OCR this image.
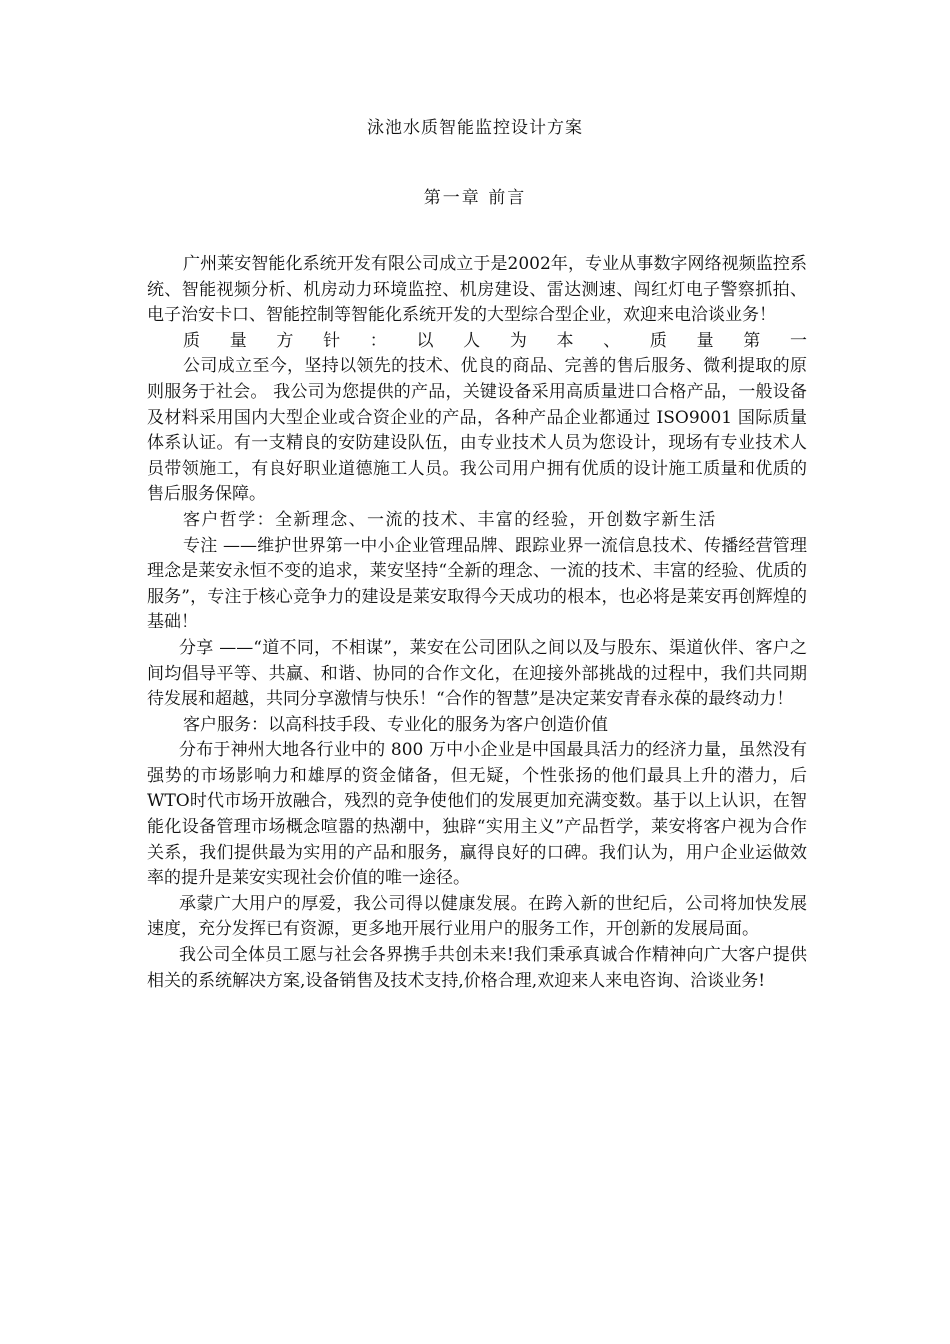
泳池水质智能监控设计方案
第一章 前言

广州莱安智能化系统开发有限公司成立于是2002年，专业从事数字网络视频监控系统、智能视频分析、机房动力环境监控、机房建设、雷达测速、闯红灯电子警察抓拍、电子治安卡口、智能控制等智能化系统开发的大型综合型企业，欢迎来电洽谈业务！

质 量 方 针 ： 以 人 为 本 、 质 量 第 一

公司成立至今，坚持以领先的技术、优良的商品、完善的售后服务、微利提取的原则服务于社会。 我公司为您提供的产品，关键设备采用高质量进口合格产品，一般设备及材料采用国内大型企业或合资企业的产品，各种产品企业都通过 ISO9001 国际质量体系认证。有一支精良的安防建设队伍，由专业技术人员为您设计，现场有专业技术人员带领施工，有良好职业道德施工人员。我公司用户拥有优质的设计施工质量和优质的售后服务保障。

客户哲学：全新理念、一流的技术、丰富的经验，开创数字新生活

专注 ——维护世界第一中小企业管理品牌、跟踪业界一流信息技术、传播经营管理理念是莱安永恒不变的追求，莱安坚持“全新的理念、一流的技术、丰富的经验、优质的服务”，专注于核心竞争力的建设是莱安取得今天成功的根本，也必将是莱安再创辉煌的基础！

分享 ——“道不同，不相谋”，莱安在公司团队之间以及与股东、渠道伙伴、客户之间均倡导平等、共赢、和谐、协同的合作文化，在迎接外部挑战的过程中，我们共同期待发展和超越，共同分享激情与快乐！“合作的智慧”是决定莱安青春永葆的最终动力！

客户服务：以高科技手段、专业化的服务为客户创造价值

分布于神州大地各行业中的 800 万中小企业是中国最具活力的经济力量，虽然没有强势的市场影响力和雄厚的资金储备，但无疑，个性张扬的他们最具上升的潜力，后WTO时代市场开放融合，残烈的竞争使他们的发展更加充满变数。基于以上认识，在智能化设备管理市场概念喧嚣的热潮中，独辟“实用主义”产品哲学，莱安将客户视为合作关系，我们提供最为实用的产品和服务，赢得良好的口碑。我们认为，用户企业运做效率的提升是莱安实现社会价值的唯一途径。

承蒙广大用户的厚爱，我公司得以健康发展。在跨入新的世纪后，公司将加快发展速度，充分发挥已有资源，更多地开展行业用户的服务工作，开创新的发展局面。

我公司全体员工愿与社会各界携手共创未来!我们秉承真诚合作精神向广大客户提供相关的系统解决方案,设备销售及技术支持,价格合理,欢迎来人来电咨询、洽谈业务!
